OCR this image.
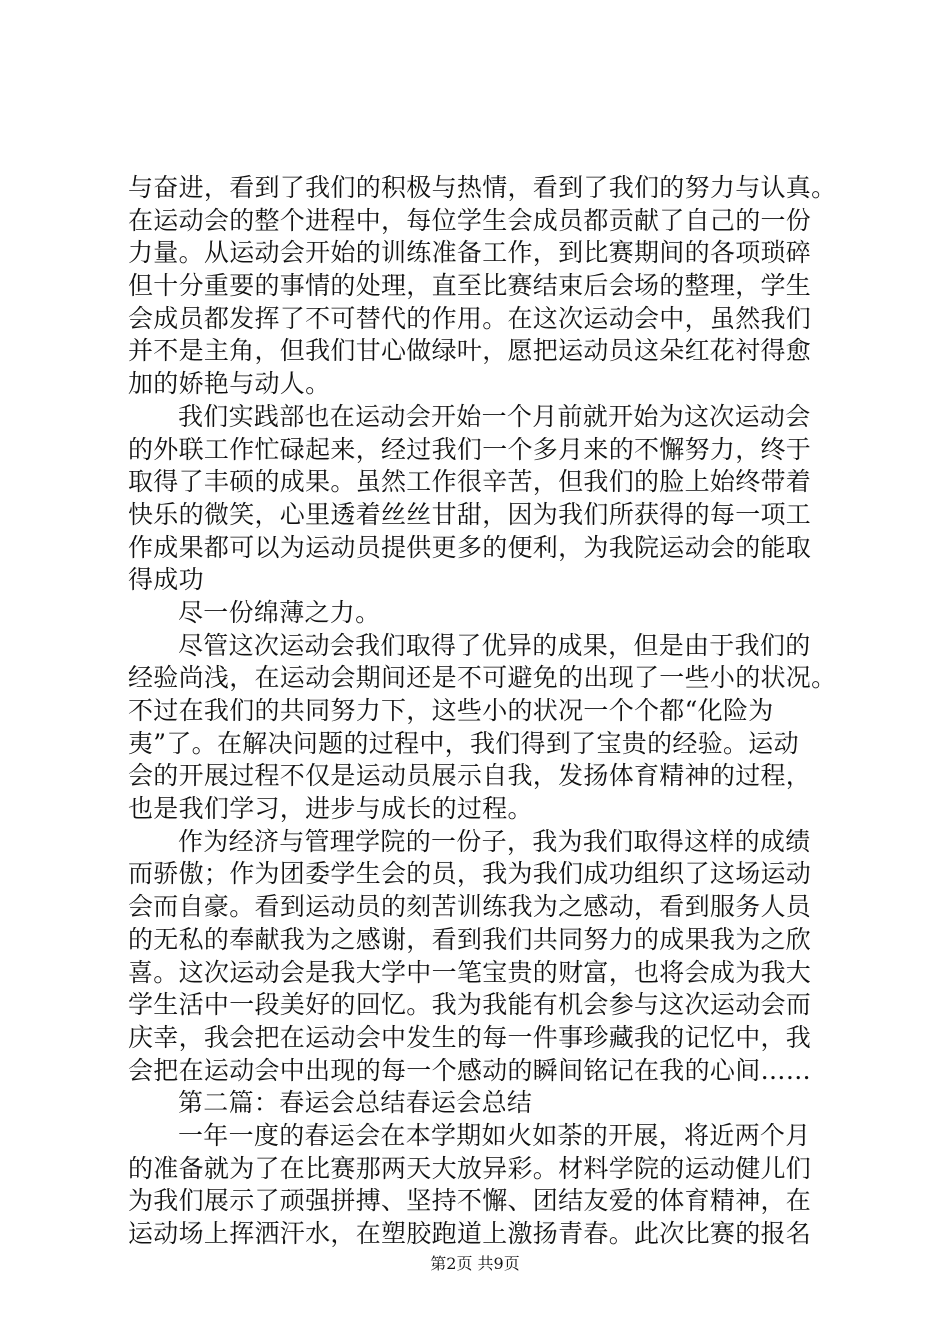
与奋进，看到了我们的积极与热情，看到了我们的努力与认真。
在运动会的整个进程中，每位学生会成员都贡献了自己的一份
力量。从运动会开始的训练准备工作，到比赛期间的各项琐碎
但十分重要的事情的处理，直至比赛结束后会场的整理，学生
会成员都发挥了不可替代的作用。在这次运动会中，虽然我们
并不是主角，但我们甘心做绿叶，愿把运动员这朵红花衬得愈
加的娇艳与动人。
我们实践部也在运动会开始一个月前就开始为这次运动会
的外联工作忙碌起来，经过我们一个多月来的不懈努力，终于
取得了丰硕的成果。虽然工作很辛苦，但我们的脸上始终带着
快乐的微笑，心里透着丝丝甘甜，因为我们所获得的每一项工
作成果都可以为运动员提供更多的便利，为我院运动会的能取
得成功
尽一份绵薄之力。
尽管这次运动会我们取得了优异的成果，但是由于我们的
经验尚浅，在运动会期间还是不可避免的出现了一些小的状况。
不过在我们的共同努力下，这些小的状况一个个都“化险为
夷”了。在解决问题的过程中，我们得到了宝贵的经验。运动
会的开展过程不仅是运动员展示自我，发扬体育精神的过程，
也是我们学习，进步与成长的过程。
作为经济与管理学院的一份子，我为我们取得这样的成绩
而骄傲；作为团委学生会的员，我为我们成功组织了这场运动
会而自豪。看到运动员的刻苦训练我为之感动，看到服务人员
的无私的奉献我为之感谢，看到我们共同努力的成果我为之欣
喜。这次运动会是我大学中一笔宝贵的财富，也将会成为我大
学生活中一段美好的回忆。我为我能有机会参与这次运动会而
庆幸，我会把在运动会中发生的每一件事珍藏我的记忆中，我
会把在运动会中出现的每一个感动的瞬间铭记在我的心间……
第二篇：春运会总结春运会总结
一年一度的春运会在本学期如火如荼的开展，将近两个月
的准备就为了在比赛那两天大放异彩。材料学院的运动健儿们
为我们展示了顽强拼搏、坚持不懈、团结友爱的体育精神，在
运动场上挥洒汗水，在塑胶跑道上激扬青春。此次比赛的报名
第2页 共9页
